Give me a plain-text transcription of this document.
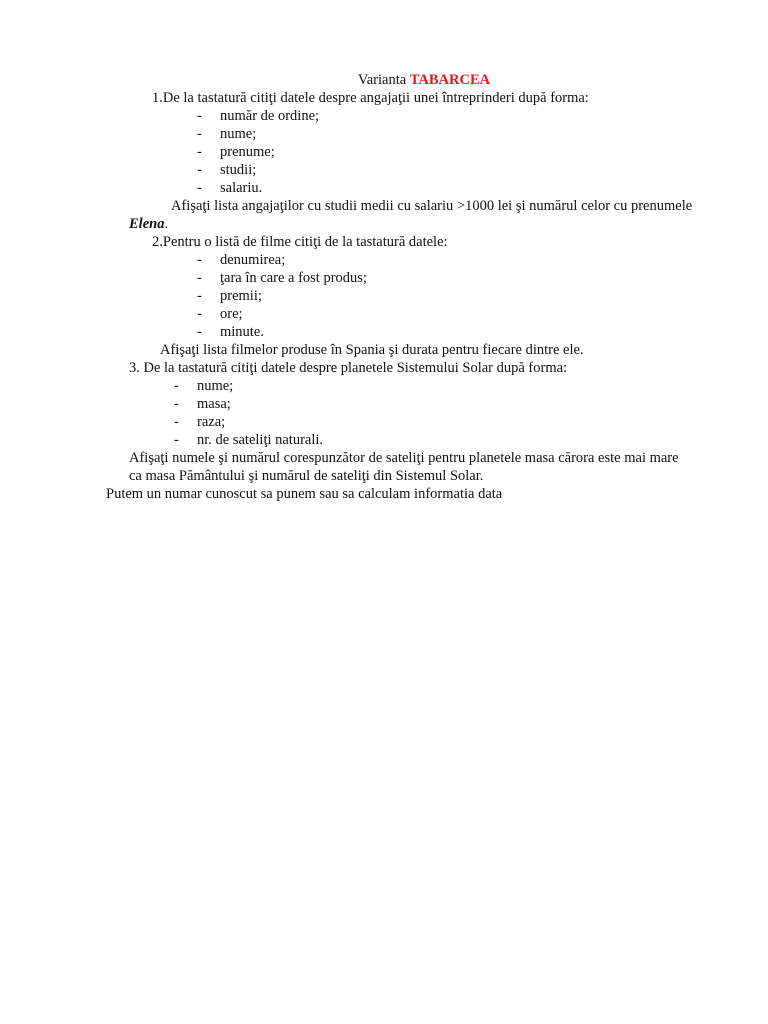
Varianta TABARCEA
1.De la tastatură citiţi datele despre angajaţii unei întreprinderi după forma:
- număr de ordine;
- nume;
- prenume;
- studii;
- salariu.
Afişaţi lista angajaţilor cu studii medii cu salariu >1000 lei şi numărul celor cu prenumele
Elena.
2.Pentru o listă de filme citiţi de la tastatură datele:
- denumirea;
- ţara în care a fost produs;
- premii;
- ore;
- minute.
Afişaţi lista filmelor produse în Spania şi durata pentru fiecare dintre ele.
3. De la tastatură citiţi datele despre planetele Sistemului Solar după forma:
- nume;
- masa;
- raza;
- nr. de sateliţi naturali.
Afişaţi numele şi numărul corespunzător de sateliţi pentru planetele masa cărora este mai mare
ca masa Pământului şi numărul de sateliţi din Sistemul Solar.
Putem un numar cunoscut sa punem sau sa calculam informatia data
